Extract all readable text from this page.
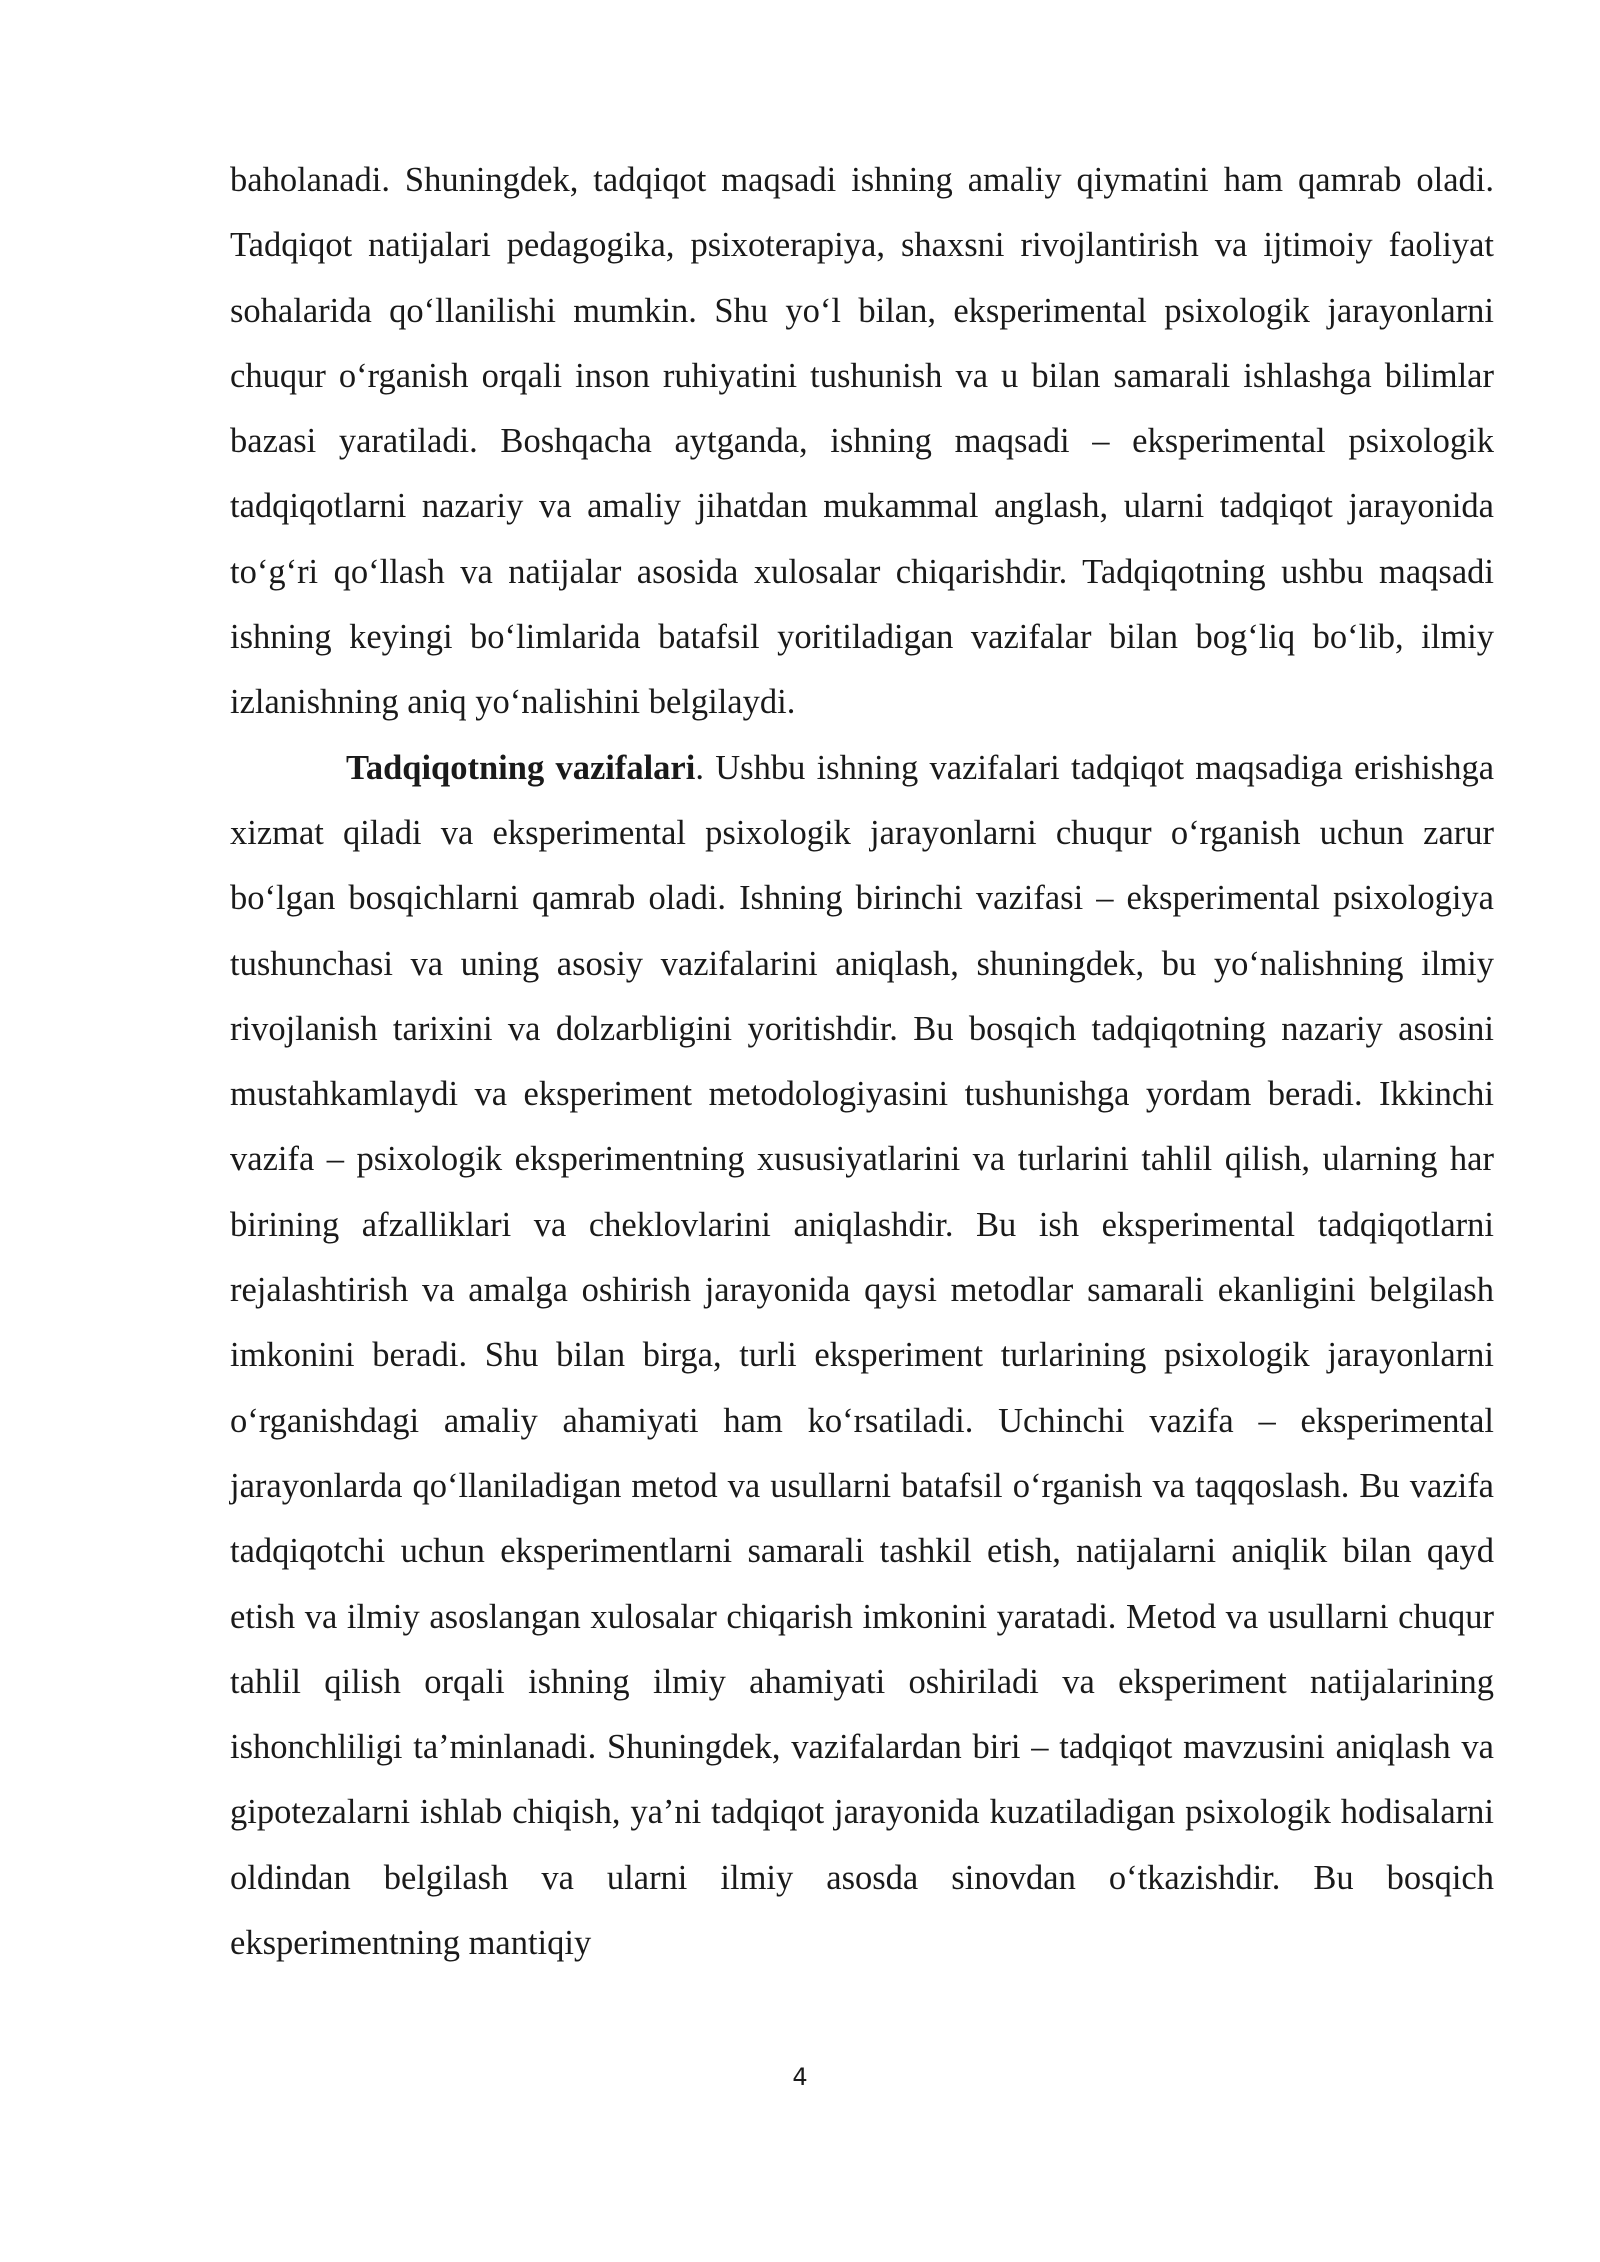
baholanadi. Shuningdek, tadqiqot maqsadi ishning amaliy qiymatini ham qamrab oladi. Tadqiqot natijalari pedagogika, psixoterapiya, shaxsni rivojlantirish va ijtimoiy faoliyat sohalarida qo‘llanilishi mumkin. Shu yo‘l bilan, eksperimental psixologik jarayonlarni chuqur o‘rganish orqali inson ruhiyatini tushunish va u bilan samarali ishlashga bilimlar bazasi yaratiladi. Boshqacha aytganda, ishning maqsadi – eksperimental psixologik tadqiqotlarni nazariy va amaliy jihatdan mukammal anglash, ularni tadqiqot jarayonida to‘g‘ri qo‘llash va natijalar asosida xulosalar chiqarishdir. Tadqiqotning ushbu maqsadi ishning keyingi bo‘limlarida batafsil yoritiladigan vazifalar bilan bog‘liq bo‘lib, ilmiy izlanishning aniq yo‘nalishini belgilaydi.

Tadqiqotning vazifalari. Ushbu ishning vazifalari tadqiqot maqsadiga erishishga xizmat qiladi va eksperimental psixologik jarayonlarni chuqur o‘rganish uchun zarur bo‘lgan bosqichlarni qamrab oladi. Ishning birinchi vazifasi – eksperimental psixologiya tushunchasi va uning asosiy vazifalarini aniqlash, shuningdek, bu yo‘nalishning ilmiy rivojlanish tarixini va dolzarbligini yoritishdir. Bu bosqich tadqiqotning nazariy asosini mustahkamlaydi va eksperiment metodologiyasini tushunishga yordam beradi. Ikkinchi vazifa – psixologik eksperimentning xususiyatlarini va turlarini tahlil qilish, ularning har birining afzalliklari va cheklovlarini aniqlashdir. Bu ish eksperimental tadqiqotlarni rejalashtirish va amalga oshirish jarayonida qaysi metodlar samarali ekanligini belgilash imkonini beradi. Shu bilan birga, turli eksperiment turlarining psixologik jarayonlarni o‘rganishdagi amaliy ahamiyati ham ko‘rsatiladi. Uchinchi vazifa – eksperimental jarayonlarda qo‘llaniladigan metod va usullarni batafsil o‘rganish va taqqoslash. Bu vazifa tadqiqotchi uchun eksperimentlarni samarali tashkil etish, natijalarni aniqlik bilan qayd etish va ilmiy asoslangan xulosalar chiqarish imkonini yaratadi. Metod va usullarni chuqur tahlil qilish orqali ishning ilmiy ahamiyati oshiriladi va eksperiment natijalarining ishonchliligi ta’minlanadi. Shuningdek, vazifalardan biri – tadqiqot mavzusini aniqlash va gipotezalarni ishlab chiqish, ya’ni tadqiqot jarayonida kuzatiladigan psixologik hodisalarni oldindan belgilash va ularni ilmiy asosda sinovdan o‘tkazishdir. Bu bosqich eksperimentning mantiqiy

4
